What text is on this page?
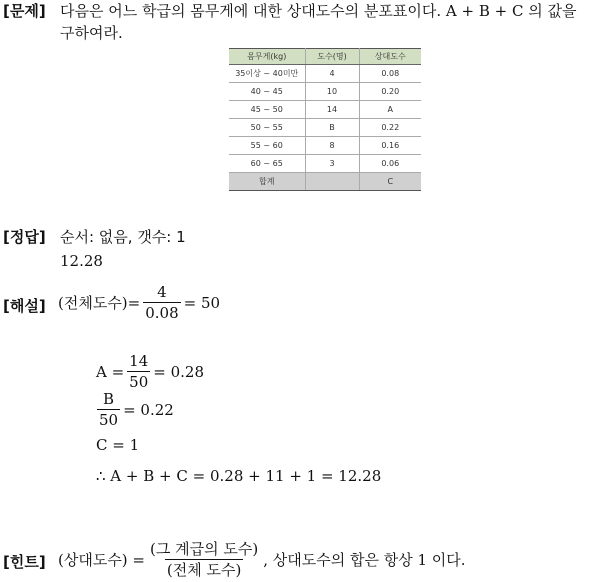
[문제] 다음은 어느 학급의 몸무게에 대한 상대도수의 분포표이다. A + B + C 의 값을
구하여라.
몸무게(kg)	도수(명)	상대도수
35이상 ~ 40미만	4	0.08
40 ~ 45	10	0.20
45 ~ 50	14	A
50 ~ 55	B	0.22
55 ~ 60	8	0.16
60 ~ 65	3	0.06
합계		C
[정답] 순서: 없음, 갯수: 1
12.28
[해설] (전체도수)= $\frac{4}{0.08} = 50$
$A = \frac{14}{50} = 0.28$
$\frac{B}{50} = 0.22$
C = 1
∴ A + B + C = 0.28 + 11 + 1 = 12.28
[힌트] (상대도수) = $\frac{\text{(그 계급의 도수)}}{\text{(전체 도수)}}$ , 상대도수의 합은 항상 1 이다.
